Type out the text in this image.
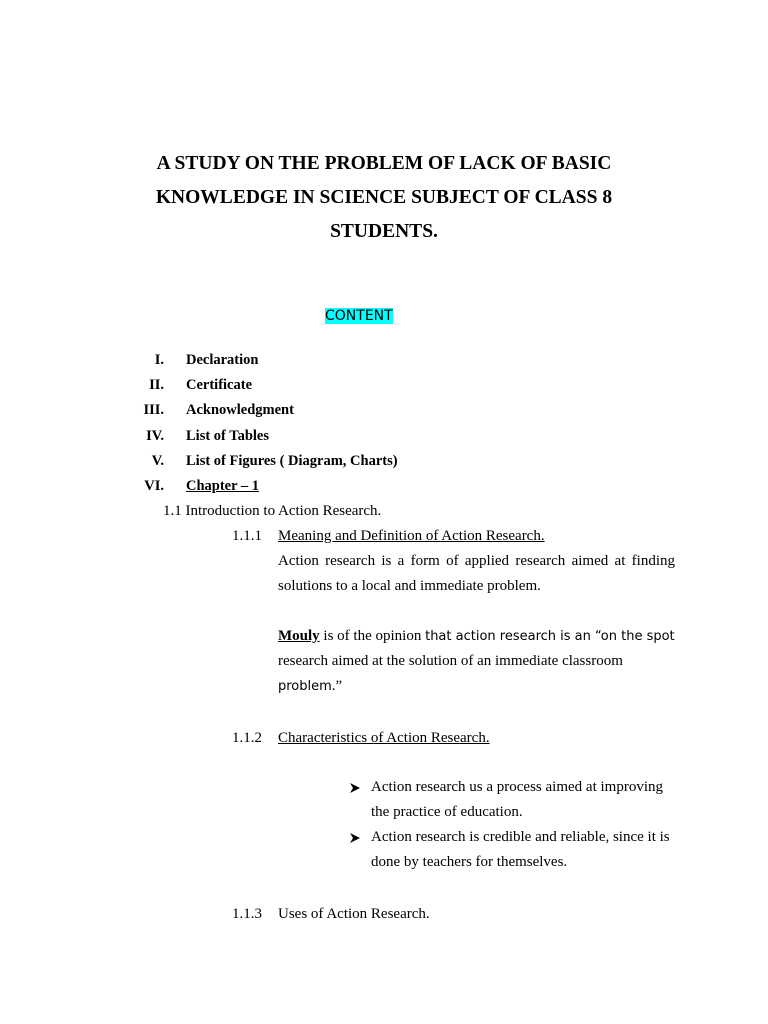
A STUDY ON THE PROBLEM OF LACK OF BASIC
KNOWLEDGE IN SCIENCE SUBJECT OF CLASS 8
STUDENTS.
CONTENT
I. Declaration
II. Certificate
III. Acknowledgment
IV. List of Tables
V. List of Figures ( Diagram, Charts)
VI. Chapter – 1
1.1 Introduction to Action Research.
1.1.1 Meaning and Definition of Action Research.
Action research is a form of applied research aimed at finding solutions to a local and immediate problem.
Mouly is of the opinion that action research is an “on the spot
research aimed at the solution of an immediate classroom
problem.”
1.1.2 Characteristics of Action Research.
Action research us a process aimed at improving the practice of education.
Action research is credible and reliable, since it is done by teachers for themselves.
1.1.3 Uses of Action Research.
